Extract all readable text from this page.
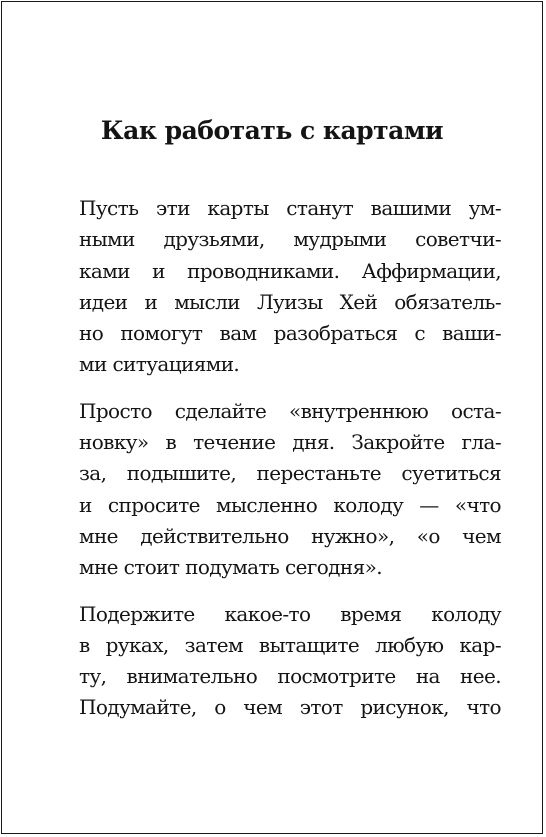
Как работать с картами

Пусть эти карты станут вашими ум-
ными друзьями, мудрыми советчи-
ками и проводниками. Аффирмации,
идеи и мысли Луизы Хей обязатель-
но помогут вам разобраться с ваши-
ми ситуациями.

Просто сделайте «внутреннюю оста-
новку» в течение дня. Закройте гла-
за, подышите, перестаньте суетиться
и спросите мысленно колоду — «что
мне действительно нужно», «о чем
мне стоит подумать сегодня».

Подержите какое-то время колоду
в руках, затем вытащите любую кар-
ту, внимательно посмотрите на нее.
Подумайте, о чем этот рисунок, что
